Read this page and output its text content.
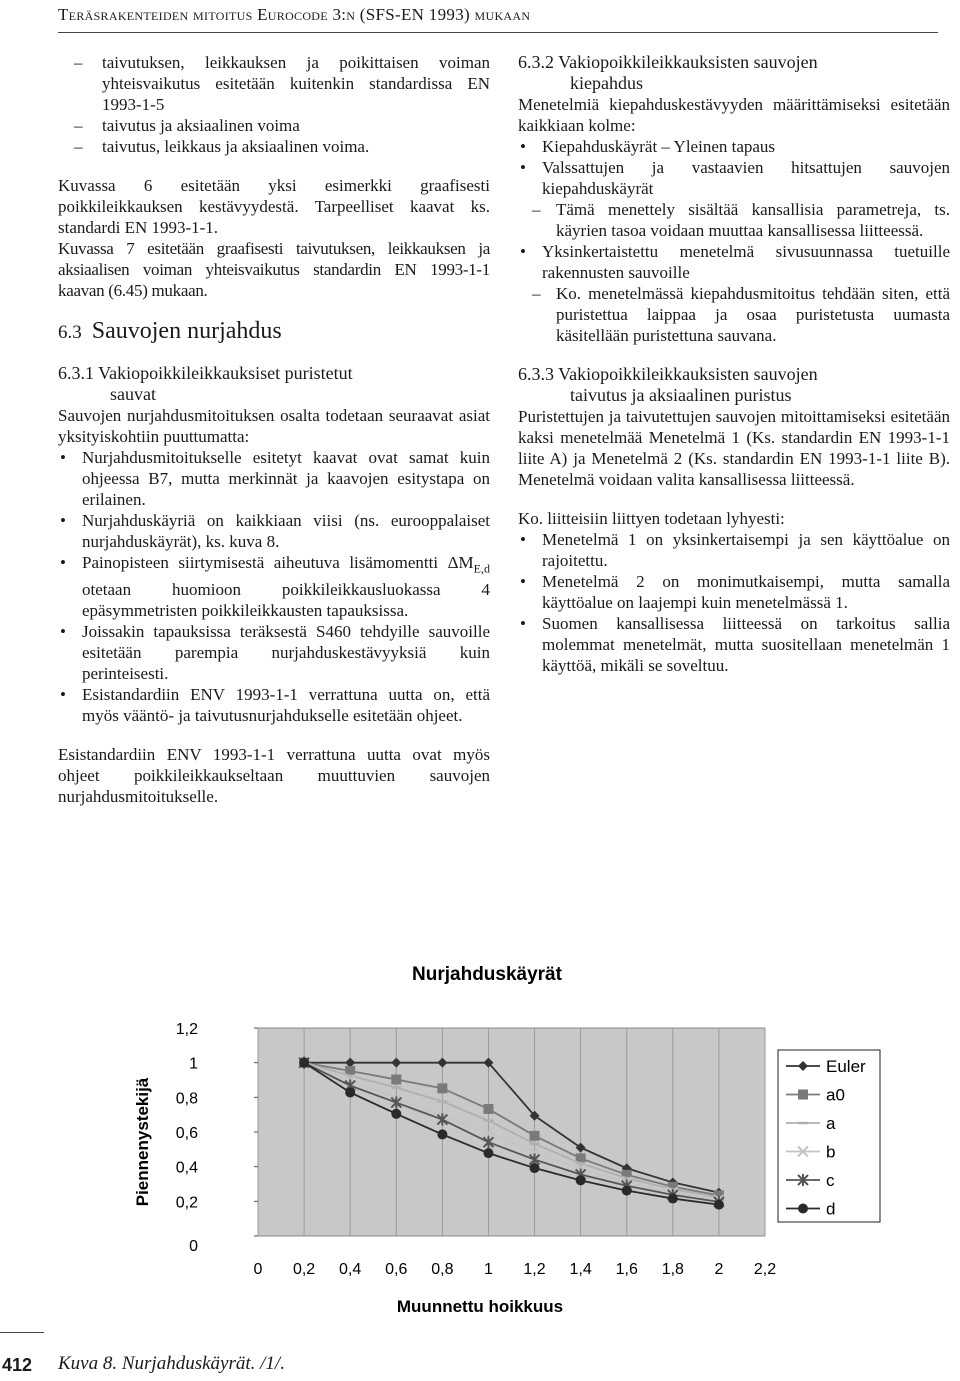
Teräsrakenteiden mitoitus Eurocode 3:n (SFS-EN 1993) mukaan
– taivutuksen, leikkauksen ja poikittaisen voiman yhteisvaikutus esitetään kuitenkin standardissa EN 1993-1-5
– taivutus ja aksiaalinen voima
– taivutus, leikkaus ja aksiaalinen voima.

Kuvassa 6 esitetään yksi esimerkki graafisesti poikkileikkauksen kestävyydestä. Tarpeelliset kaavat ks. standardi EN 1993-1-1.

Kuvassa 7 esitetään graafisesti taivutuksen, leikkauksen ja aksiaalisen voiman yhteisvaikutus standardin EN 1993-1-1 kaavan (6.45) mukaan.

6.3 Sauvojen nurjahdus
6.3.1 Vakiopoikkileikkauksiset puristetut
sauvat

Sauvojen nurjahdusmitoituksen osalta todetaan seuraavat asiat yksityiskohtiin puuttumatta:

• Nurjahdusmitoitukselle esitetyt kaavat ovat samat kuin ohjeessa B7, mutta merkinnät ja kaavojen esitystapa on erilainen.
• Nurjahduskäyriä on kaikkiaan viisi (ns. eurooppalaiset nurjahduskäyrät), ks. kuva 8.
• Painopisteen siirtymisestä aiheutuva lisämomentti $\Delta M_{E,d}$ otetaan huomioon poikkileikkausluokassa 4 epäsymmetristen poikkileikkausten tapauksissa.
• Joissakin tapauksissa teräksestä S460 tehdyille sauvoille esitetään parempia nurjahduskestävyyksiä kuin perinteisesti.
• Esistandardiin ENV 1993-1-1 verrattuna uutta on, että myös vääntö- ja taivutusnurjahdukselle esitetään ohjeet.

Esistandardiin ENV 1993-1-1 verrattuna uutta ovat myös ohjeet poikkileikkaukseltaan muuttuvien sauvojen nurjahdusmitoitukselle.

6.3.2 Vakiopoikkileikkauksisten sauvojen
kiepahdus

Menetelmiä kiepahduskestävyyden määrittämiseksi esitetään kaikkiaan kolme:

• Kiepahduskäyrät – Yleinen tapaus
• Valssattujen ja vastaavien hitsattujen sauvojen kiepahduskäyrät
– Tämä menettely sisältää kansallisia parametreja, ts. käyrien tasoa voidaan muuttaa kansallisessa liitteessä.
• Yksinkertaistettu menetelmä sivusuunnassa tuetuille rakennusten sauvoille
– Ko. menetelmässä kiepahdusmitoitus tehdään siten, että puristettua laippaa ja osaa puristetusta uumasta käsitellään puristettuna sauvana.
6.3.3 Vakiopoikkileikkauksisten sauvojen
taivutus ja aksiaalinen puristus

Puristettujen ja taivutettujen sauvojen mitoittamiseksi esitetään kaksi menetelmää Menetelmä 1 (Ks. standardin EN 1993-1-1 liite A) ja Menetelmä 2 (Ks. standardin EN 1993-1-1 liite B). Menetelmä voidaan valita kansallisessa liitteessä.

Ko. liitteisiin liittyen todetaan lyhyesti:

• Menetelmä 1 on yksinkertaisempi ja sen käyttöalue on rajoitettu.
• Menetelmä 2 on monimutkaisempi, mutta samalla käyttöalue on laajempi kuin menetelmässä 1.
• Suomen kansallisessa liitteessä on tarkoitus sallia molemmat menetelmät, mutta suositellaan menetelmän 1 käyttöä, mikäli se soveltuu.
Nurjahduskäyrät
0 0,2 0,4 0,6 0,8 1 1,2 1,4 1,6 1,8 2 2,2
0
0,2
0,4
0,6
0,8
1
1,2
Muunnettu hoikkuus
Piennenystekijä
Euler
a0
a
b
c
d
412 Kuva 8. Nurjahduskäyrät. /1/.
